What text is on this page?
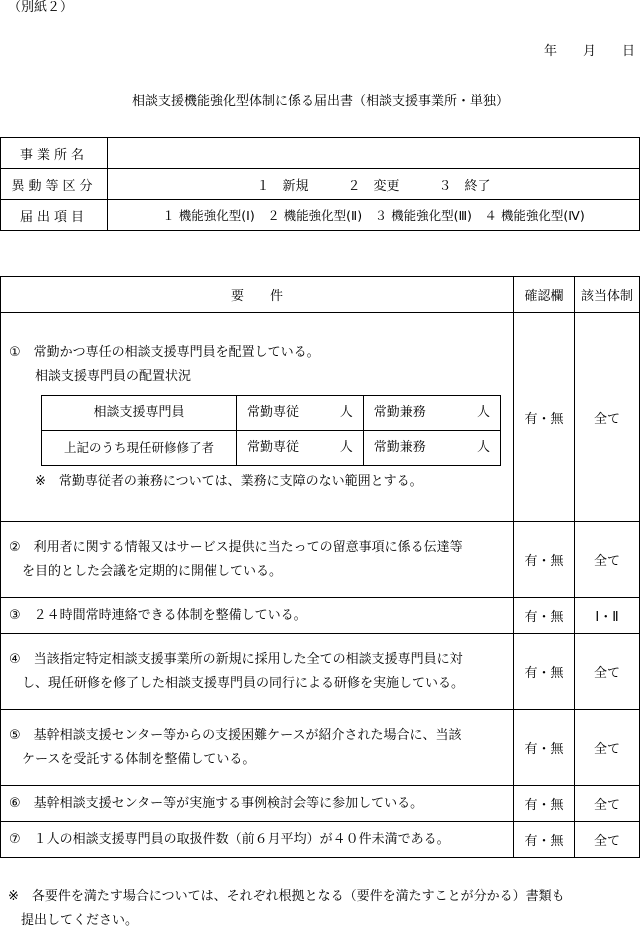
（別紙２）
年　　月　　日
相談支援機能強化型体制に係る届出書（相談支援事業所・単独）
事業所名	
異動等区分	１　新規　　　２　変更　　　３　終了
届出項目	１ 機能強化型(Ⅰ)　２ 機能強化型(Ⅱ)　３ 機能強化型(Ⅲ)　４ 機能強化型(Ⅳ)
要　　件	確認欄	該当体制

①　常勤かつ専任の相談支援専門員を配置している。
相談支援専門員の配置状況
相談支援専門員	常勤専従	人	常勤兼務	人

上記のうち現任研修修了者	常勤専従	人	常勤兼務	人
※　常勤専従者の兼務については、業務に支障のない範囲とする。
	有・無	全て

②　利用者に関する情報又はサービス提供に当たっての留意事項に係る伝達等
　を目的とした会議を定期的に開催している。
	有・無	全て

③　２４時間常時連絡できる体制を整備している。	有・無	Ⅰ・Ⅱ

④　当該指定特定相談支援事業所の新規に採用した全ての相談支援専門員に対
　し、現任研修を修了した相談支援専門員の同行による研修を実施している。
	有・無	全て

⑤　基幹相談支援センター等からの支援困難ケースが紹介された場合に、当該
　ケースを受託する体制を整備している。
	有・無	全て

⑥　基幹相談支援センター等が実施する事例検討会等に参加している。	有・無	全て

⑦　１人の相談支援専門員の取扱件数（前６月平均）が４０件未満である。	有・無	全て
※　各要件を満たす場合については、それぞれ根拠となる（要件を満たすことが分かる）書類も
　提出してください。
